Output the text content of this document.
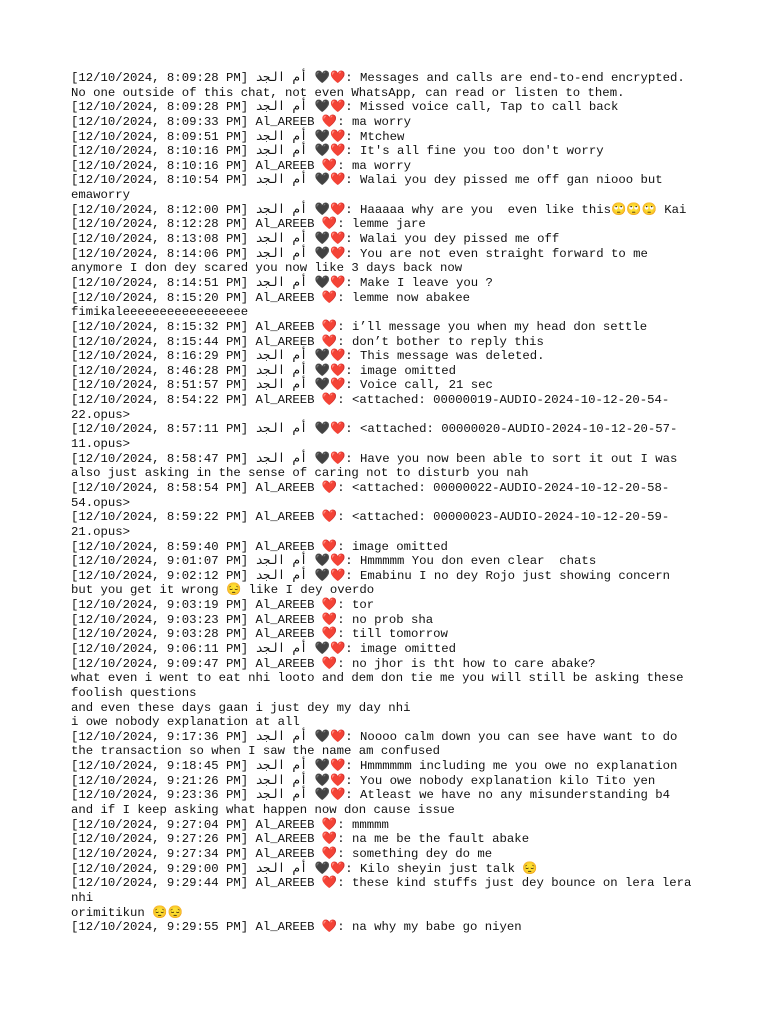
[12/10/2024, 8:09:28 PM] أم الجد 🖤❤️: Messages and calls are end-to-end encrypted.
No one outside of this chat, not even WhatsApp, can read or listen to them.
[12/10/2024, 8:09:28 PM] أم الجد 🖤❤️: Missed voice call, Tap to call back
[12/10/2024, 8:09:33 PM] Al_AREEB ❤️: ma worry
[12/10/2024, 8:09:51 PM] أم الجد 🖤❤️: Mtchew
[12/10/2024, 8:10:16 PM] أم الجد 🖤❤️: It's all fine you too don't worry
[12/10/2024, 8:10:16 PM] Al_AREEB ❤️: ma worry
[12/10/2024, 8:10:54 PM] أم الجد 🖤❤️: Walai you dey pissed me off gan niooo but
emaworry
[12/10/2024, 8:12:00 PM] أم الجد 🖤❤️: Haaaaa why are you  even like this🙄🙄🙄 Kai
[12/10/2024, 8:12:28 PM] Al_AREEB ❤️: lemme jare
[12/10/2024, 8:13:08 PM] أم الجد 🖤❤️: Walai you dey pissed me off
[12/10/2024, 8:14:06 PM] أم الجد 🖤❤️: You are not even straight forward to me
anymore I don dey scared you now like 3 days back now
[12/10/2024, 8:14:51 PM] أم الجد 🖤❤️: Make I leave you ?
[12/10/2024, 8:15:20 PM] Al_AREEB ❤️: lemme now abakee
fimikaleeeeeeeeeeeeeeeee
[12/10/2024, 8:15:32 PM] Al_AREEB ❤️: i’ll message you when my head don settle
[12/10/2024, 8:15:44 PM] Al_AREEB ❤️: don’t bother to reply this
[12/10/2024, 8:16:29 PM] أم الجد 🖤❤️: This message was deleted.
[12/10/2024, 8:46:28 PM] أم الجد 🖤❤️: image omitted
[12/10/2024, 8:51:57 PM] أم الجد 🖤❤️: Voice call, 21 sec
[12/10/2024, 8:54:22 PM] Al_AREEB ❤️: <attached: 00000019-AUDIO-2024-10-12-20-54-
22.opus>
[12/10/2024, 8:57:11 PM] أم الجد 🖤❤️: <attached: 00000020-AUDIO-2024-10-12-20-57-
11.opus>
[12/10/2024, 8:58:47 PM] أم الجد 🖤❤️: Have you now been able to sort it out I was
also just asking in the sense of caring not to disturb you nah
[12/10/2024, 8:58:54 PM] Al_AREEB ❤️: <attached: 00000022-AUDIO-2024-10-12-20-58-
54.opus>
[12/10/2024, 8:59:22 PM] Al_AREEB ❤️: <attached: 00000023-AUDIO-2024-10-12-20-59-
21.opus>
[12/10/2024, 8:59:40 PM] Al_AREEB ❤️: image omitted
[12/10/2024, 9:01:07 PM] أم الجد 🖤❤️: Hmmmmm You don even clear  chats
[12/10/2024, 9:02:12 PM] أم الجد 🖤❤️: Emabinu I no dey Rojo just showing concern
but you get it wrong 😔 like I dey overdo
[12/10/2024, 9:03:19 PM] Al_AREEB ❤️: tor
[12/10/2024, 9:03:23 PM] Al_AREEB ❤️: no prob sha
[12/10/2024, 9:03:28 PM] Al_AREEB ❤️: till tomorrow
[12/10/2024, 9:06:11 PM] أم الجد 🖤❤️: image omitted
[12/10/2024, 9:09:47 PM] Al_AREEB ❤️: no jhor is tht how to care abake?
what even i went to eat nhi looto and dem don tie me you will still be asking these
foolish questions
and even these days gaan i just dey my day nhi
i owe nobody explanation at all
[12/10/2024, 9:17:36 PM] أم الجد 🖤❤️: Noooo calm down you can see have want to do
the transaction so when I saw the name am confused
[12/10/2024, 9:18:45 PM] أم الجد 🖤❤️: Hmmmmmm including me you owe no explanation
[12/10/2024, 9:21:26 PM] أم الجد 🖤❤️: You owe nobody explanation kilo Tito yen
[12/10/2024, 9:23:36 PM] أم الجد 🖤❤️: Atleast we have no any misunderstanding b4
and if I keep asking what happen now don cause issue
[12/10/2024, 9:27:04 PM] Al_AREEB ❤️: mmmmm
[12/10/2024, 9:27:26 PM] Al_AREEB ❤️: na me be the fault abake
[12/10/2024, 9:27:34 PM] Al_AREEB ❤️: something dey do me
[12/10/2024, 9:29:00 PM] أم الجد 🖤❤️: Kilo sheyin just talk 😔
[12/10/2024, 9:29:44 PM] Al_AREEB ❤️: these kind stuffs just dey bounce on lera lera
nhi
orimitikun 😔😔
[12/10/2024, 9:29:55 PM] Al_AREEB ❤️: na why my babe go niyen
